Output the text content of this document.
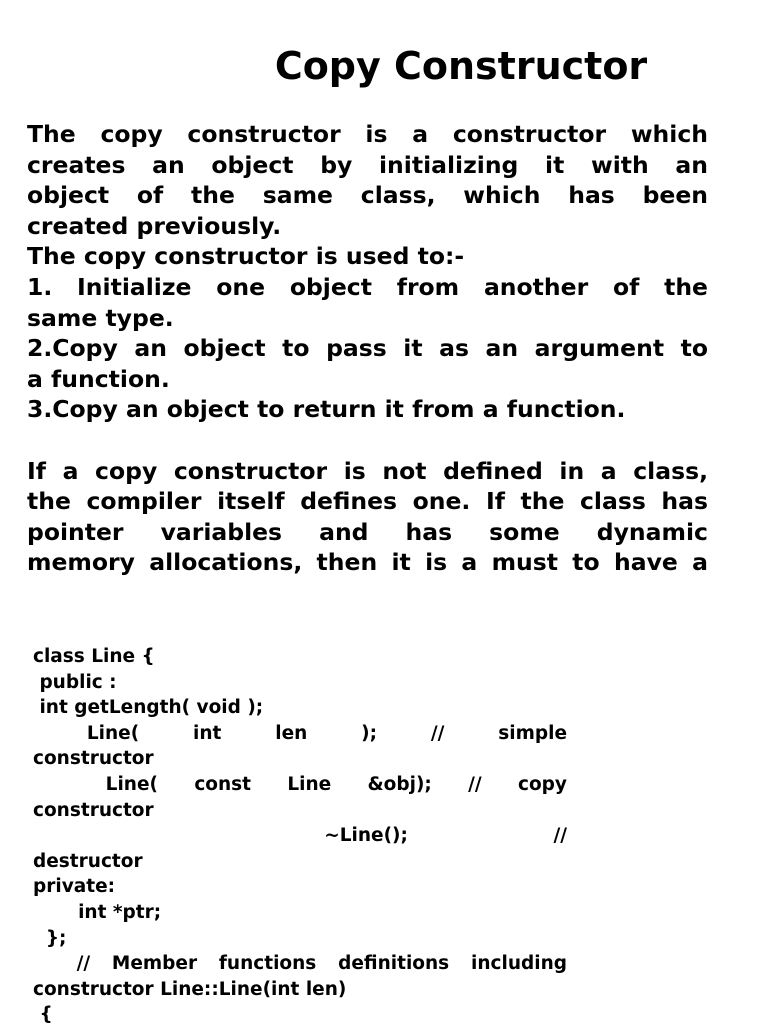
Copy Constructor
The copy constructor is a constructor which
creates an object by initializing it with an
object of the same class, which has been
created previously.
The copy constructor is used to:-
1. Initialize one object from another of the
same type.
2.Copy an object to pass it as an argument to
a function.
3.Copy an object to return it from a function.
If a copy constructor is not defined in a class,
the compiler itself defines one. If the class has
pointer variables and has some dynamic
memory allocations, then it is a must to have a
class Line {
public :
int getLength( void );
Line( int len ); // simple
constructor
Line( const Line &obj); // copy
constructor
~Line(); //
destructor
private:
int *ptr;
};
// Member functions definitions including
constructor Line::Line(int len)
{
